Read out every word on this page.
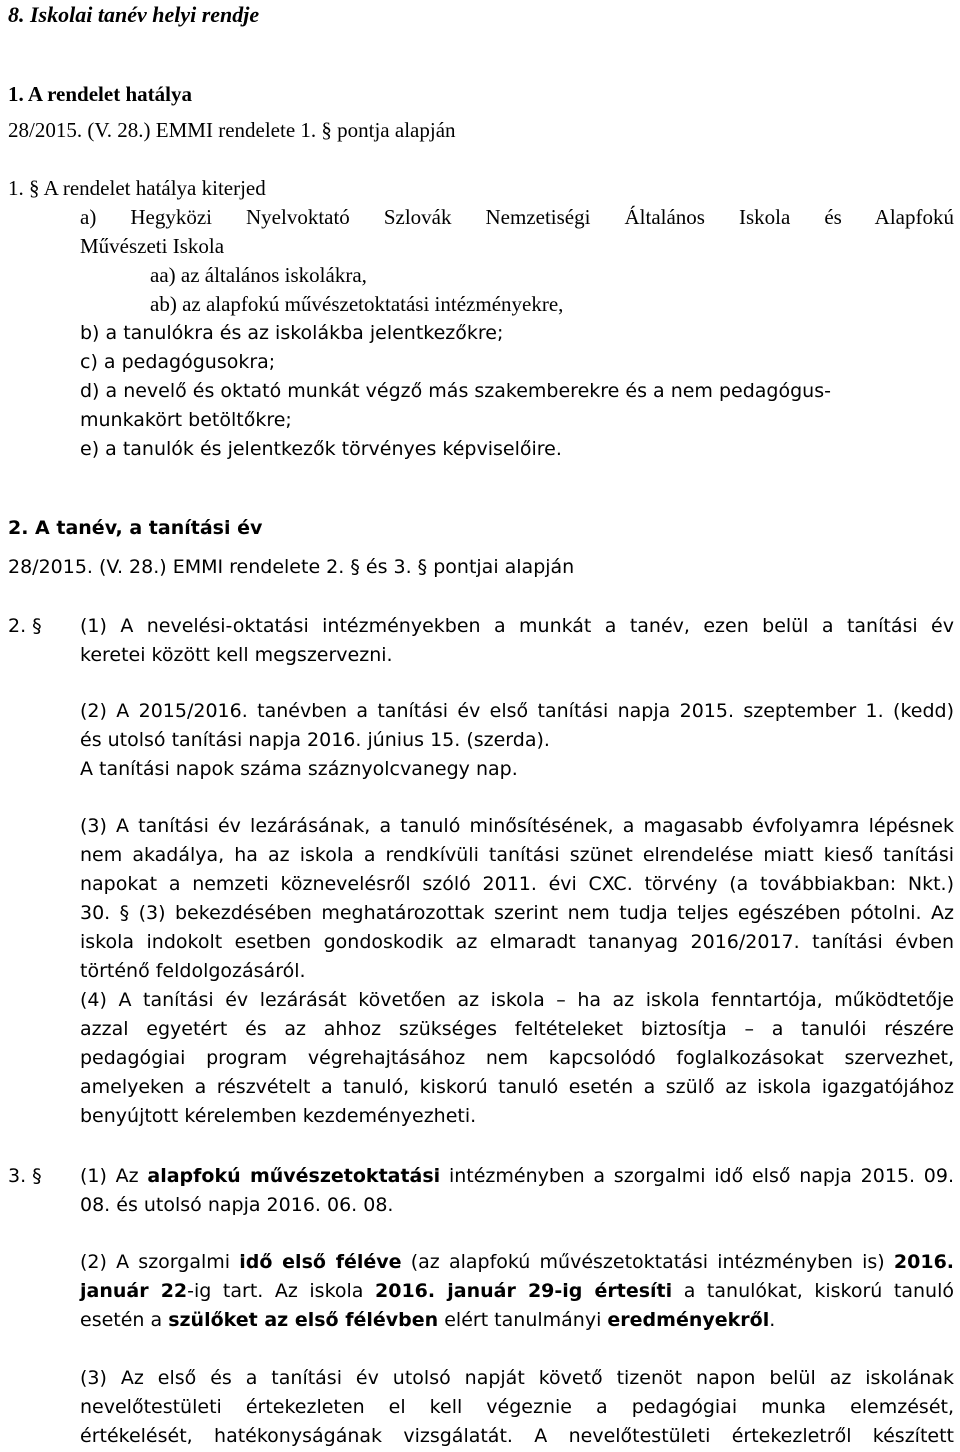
8. Iskolai tanév helyi rendje
1. A rendelet hatálya
28/2015. (V. 28.) EMMI rendelete 1. § pontja alapján
1. § A rendelet hatálya kiterjed
a) Hegyközi Nyelvoktató Szlovák Nemzetiségi Általános Iskola és Alapfokú
Művészeti Iskola
aa) az általános iskolákra,
ab) az alapfokú művészetoktatási intézményekre,
b) a tanulókra és az iskolákba jelentkezőkre;
c) a pedagógusokra;
d) a nevelő és oktató munkát végző más szakemberekre és a nem pedagógus-
munkakört betöltőkre;
e) a tanulók és jelentkezők törvényes képviselőire.
2. A tanév, a tanítási év
28/2015. (V. 28.) EMMI rendelete 2. § és 3. § pontjai alapján
2. § (1) A nevelési-oktatási intézményekben a munkát a tanév, ezen belül a tanítási év
keretei között kell megszervezni.
(2) A 2015/2016. tanévben a tanítási év első tanítási napja 2015. szeptember 1. (kedd)
és utolsó tanítási napja 2016. június 15. (szerda).
A tanítási napok száma száznyolcvanegy nap.
(3) A tanítási év lezárásának, a tanuló minősítésének, a magasabb évfolyamra lépésnek
nem akadálya, ha az iskola a rendkívüli tanítási szünet elrendelése miatt kieső tanítási
napokat a nemzeti köznevelésről szóló 2011. évi CXC. törvény (a továbbiakban: Nkt.)
30. § (3) bekezdésében meghatározottak szerint nem tudja teljes egészében pótolni. Az
iskola indokolt esetben gondoskodik az elmaradt tananyag 2016/2017. tanítási évben
történő feldolgozásáról.
(4) A tanítási év lezárását követően az iskola – ha az iskola fenntartója, működtetője
azzal egyetért és az ahhoz szükséges feltételeket biztosítja – a tanulói részére
pedagógiai program végrehajtásához nem kapcsolódó foglalkozásokat szervezhet,
amelyeken a részvételt a tanuló, kiskorú tanuló esetén a szülő az iskola igazgatójához
benyújtott kérelemben kezdeményezheti.
3. § (1) Az alapfokú művészetoktatási intézményben a szorgalmi idő első napja 2015. 09.
08. és utolsó napja 2016. 06. 08.
(2) A szorgalmi idő első féléve (az alapfokú művészetoktatási intézményben is) 2016.
január 22-ig tart. Az iskola 2016. január 29-ig értesíti a tanulókat, kiskorú tanuló
esetén a szülőket az első félévben elért tanulmányi eredményekről.
(3) Az első és a tanítási év utolsó napját követő tizenöt napon belül az iskolának
nevelőtestületi értekezleten el kell végeznie a pedagógiai munka elemzését,
értékelését, hatékonyságának vizsgálatát. A nevelőtestületi értekezletről készített
